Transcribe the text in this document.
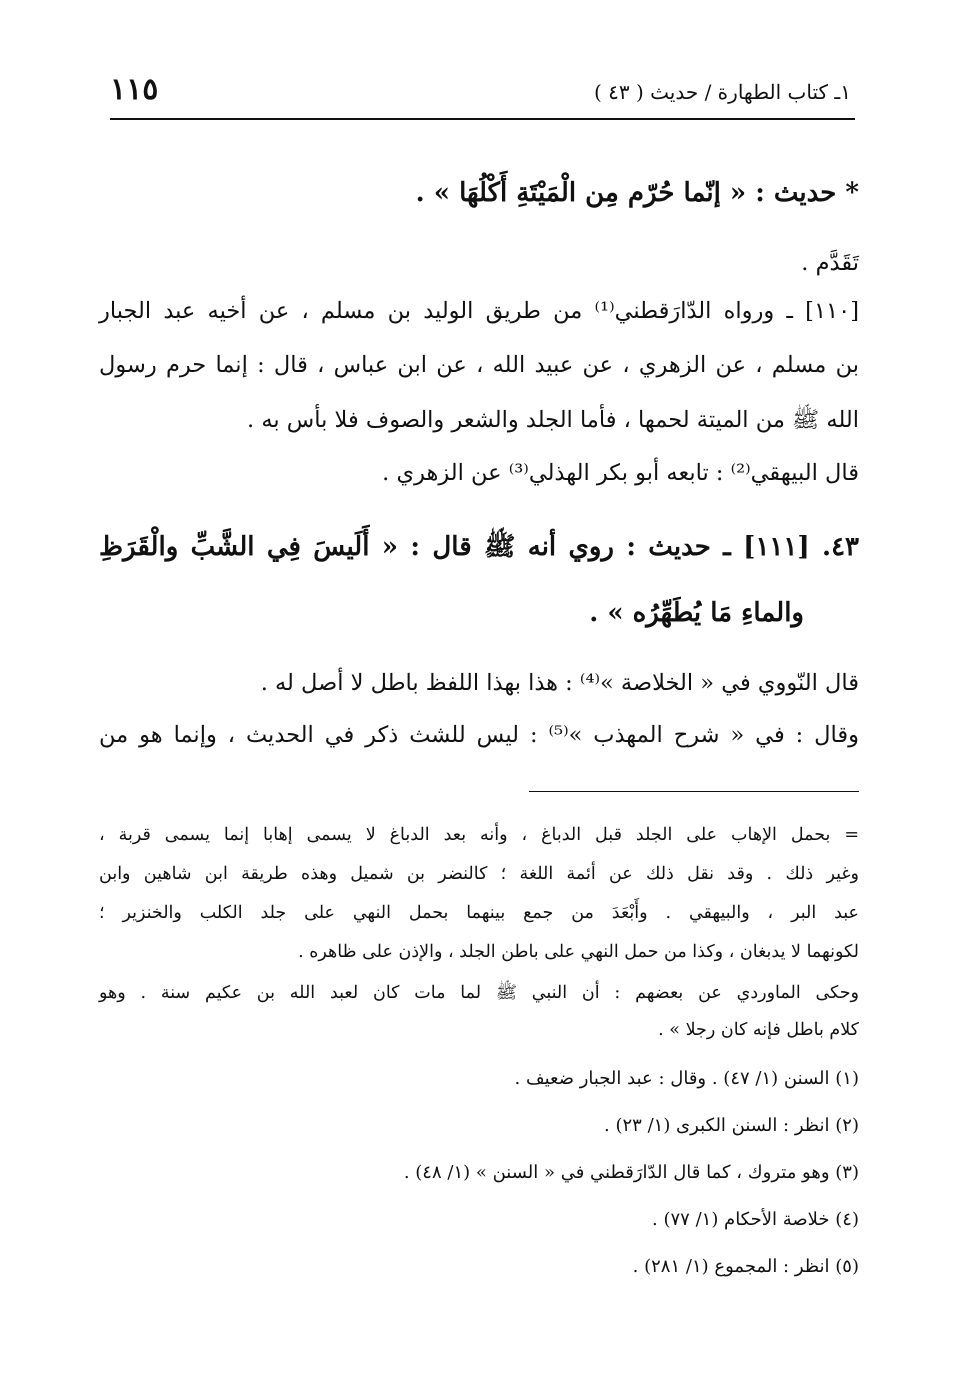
١١٥	١ـ كتاب الطهارة / حديث ( ٤٣ )
* حديث : « إنّما حُرّم مِن الْمَيْتَةِ أَكْلُهَا » .
تَقَدَّم .
[١١٠] ـ ورواه الدّارَقطني⁽¹⁾ من طريق الوليد بن مسلم ، عن أخيه عبد الجبار
بن مسلم ، عن الزهري ، عن عبيد الله ، عن ابن عباس ، قال : إنما حرم رسول
الله ﷺ من الميتة لحمها ، فأما الجلد والشعر والصوف فلا بأس به .
قال البيهقي⁽²⁾ : تابعه أبو بكر الهذلي⁽³⁾ عن الزهري .
٤٣. [١١١] ـ حديث : روي أنه ﷺ قال : « أَلَيسَ فِي الشَّبِّ والْقَرَظِ
والماءِ مَا يُطَهِّرُه » .
قال النّووي في « الخلاصة »⁽⁴⁾ : هذا بهذا اللفظ باطل لا أصل له .
وقال : في « شرح المهذب »⁽⁵⁾ : ليس للشث ذكر في الحديث ، وإنما هو من
= بحمل الإهاب على الجلد قبل الدباغ ، وأنه بعد الدباغ لا يسمى إهابا إنما يسمى قربة ،
وغير ذلك . وقد نقل ذلك عن أئمة اللغة ؛ كالنضر بن شميل وهذه طريقة ابن شاهين وابن
عبد البر ، والبيهقي . وأَبْعَدَ من جمع بينهما بحمل النهي على جلد الكلب والخنزير ؛
لكونهما لا يدبغان ، وكذا من حمل النهي على باطن الجلد ، والإذن على ظاهره .
وحكى الماوردي عن بعضهم : أن النبي ﷺ لما مات كان لعبد الله بن عكيم سنة . وهو
كلام باطل فإنه كان رجلا » .
(١) السنن (١/ ٤٧) . وقال : عبد الجبار ضعيف .
(٢) انظر : السنن الكبرى (١/ ٢٣) .
(٣) وهو متروك ، كما قال الدّارَقطني في « السنن » (١/ ٤٨) .
(٤) خلاصة الأحكام (١/ ٧٧) .
(٥) انظر : المجموع (١/ ٢٨١) .
